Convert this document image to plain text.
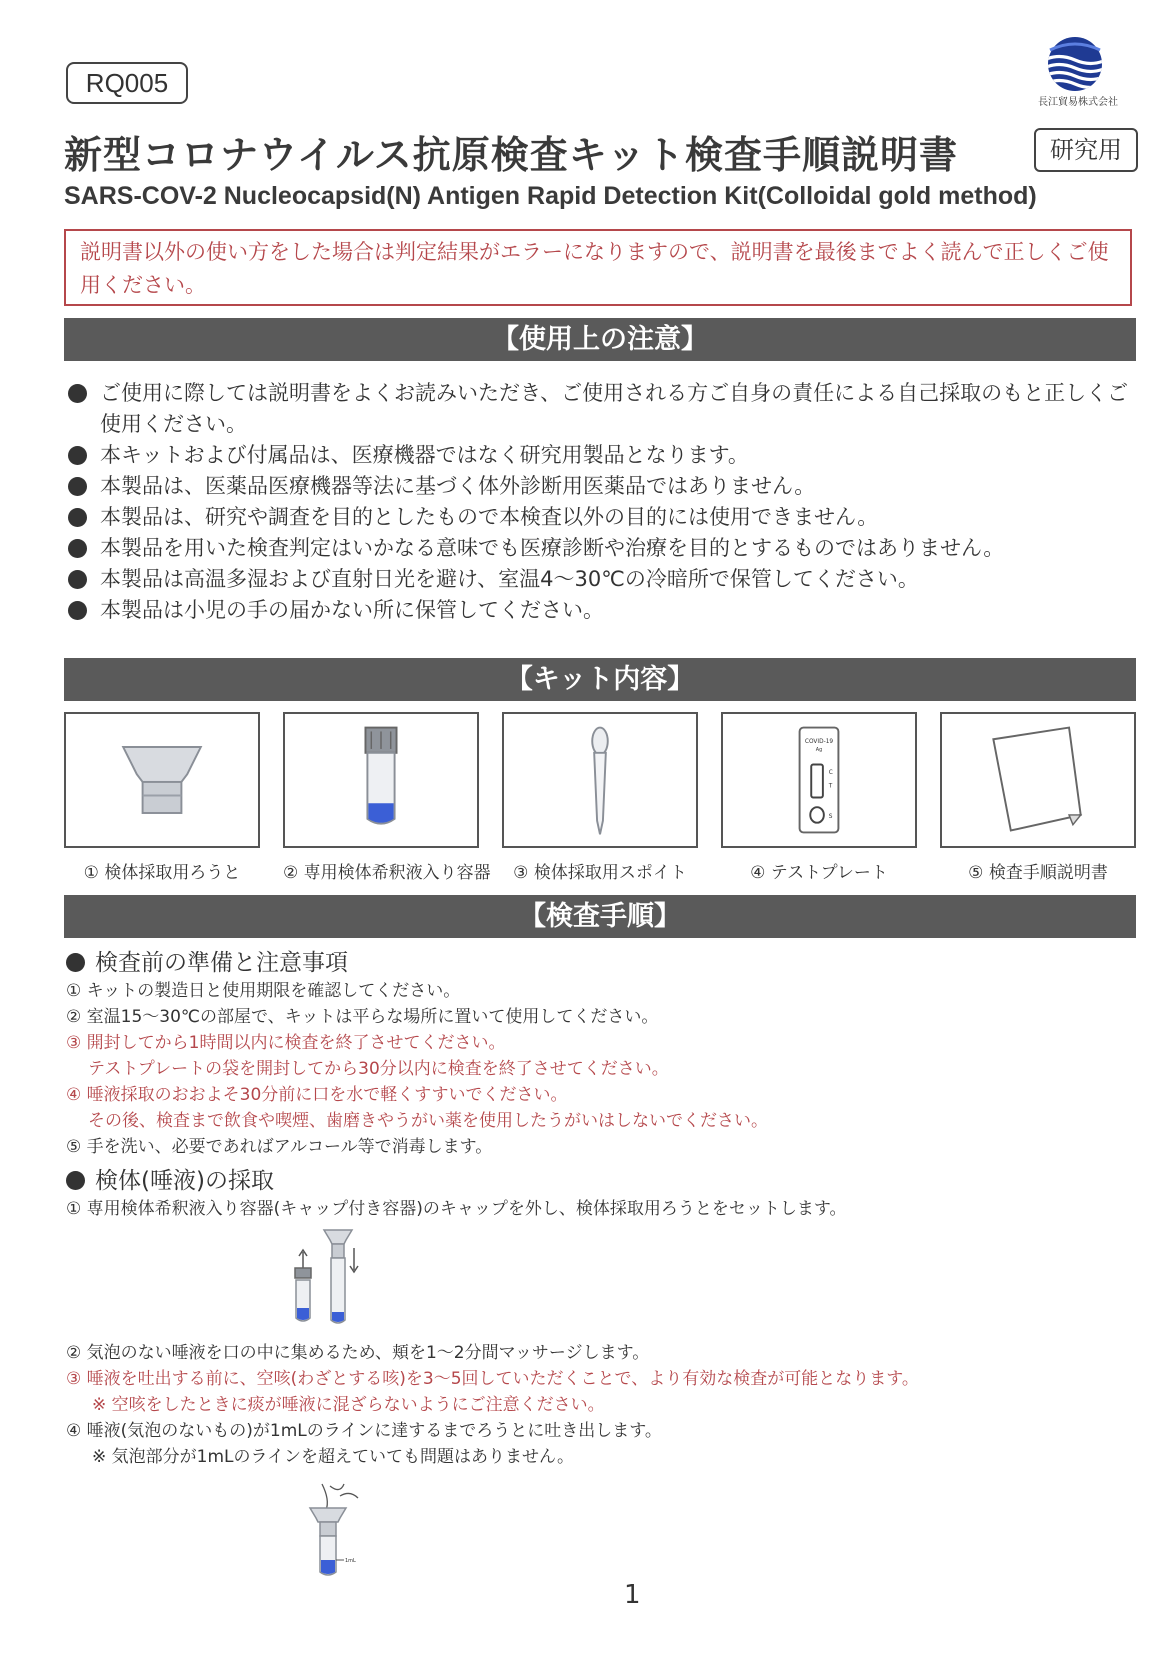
RQ005
長江貿易株式会社
新型コロナウイルス抗原検査キット検査手順説明書	研究用
SARS-COV-2 Nucleocapsid(N) Antigen Rapid Detection Kit(Colloidal gold method)
説明書以外の使い方をした場合は判定結果がエラーになりますので、説明書を最後までよく読んで正しくご使用ください。
【使用上の注意】
ご使用に際しては説明書をよくお読みいただき、ご使用される方ご自身の責任による自己採取のもと正しくご使用ください。
本キットおよび付属品は、医療機器ではなく研究用製品となります。
本製品は、医薬品医療機器等法に基づく体外診断用医薬品ではありません。
本製品は、研究や調査を目的としたもので本検査以外の目的には使用できません。
本製品を用いた検査判定はいかなる意味でも医療診断や治療を目的とするものではありません。
本製品は高温多湿および直射日光を避け、室温4～30℃の冷暗所で保管してください。
本製品は小児の手の届かない所に保管してください。
【キット内容】
① 検体採取用ろうと	② 専用検体希釈液入り容器	③ 検体採取用スポイト
COVID-19
Ag
C
T
S
④ テストプレート	⑤ 検査手順説明書
【検査手順】
検査前の準備と注意事項
① キットの製造日と使用期限を確認してください。
② 室温15～30℃の部屋で、キットは平らな場所に置いて使用してください。
③ 開封してから1時間以内に検査を終了させてください。
テストプレートの袋を開封してから30分以内に検査を終了させてください。
④ 唾液採取のおおよそ30分前に口を水で軽くすすいでください。
その後、検査まで飲食や喫煙、歯磨きやうがい薬を使用したうがいはしないでください。
⑤ 手を洗い、必要であればアルコール等で消毒します。
検体(唾液)の採取
① 専用検体希釈液入り容器(キャップ付き容器)のキャップを外し、検体採取用ろうとをセットします。
② 気泡のない唾液を口の中に集めるため、頬を1～2分間マッサージします。
③ 唾液を吐出する前に、空咳(わざとする咳)を3～5回していただくことで、より有効な検査が可能となります。
※ 空咳をしたときに痰が唾液に混ざらないようにご注意ください。
④ 唾液(気泡のないもの)が1mLのラインに達するまでろうとに吐き出します。
※ 気泡部分が1mLのラインを超えていても問題はありません。
1mL
1
